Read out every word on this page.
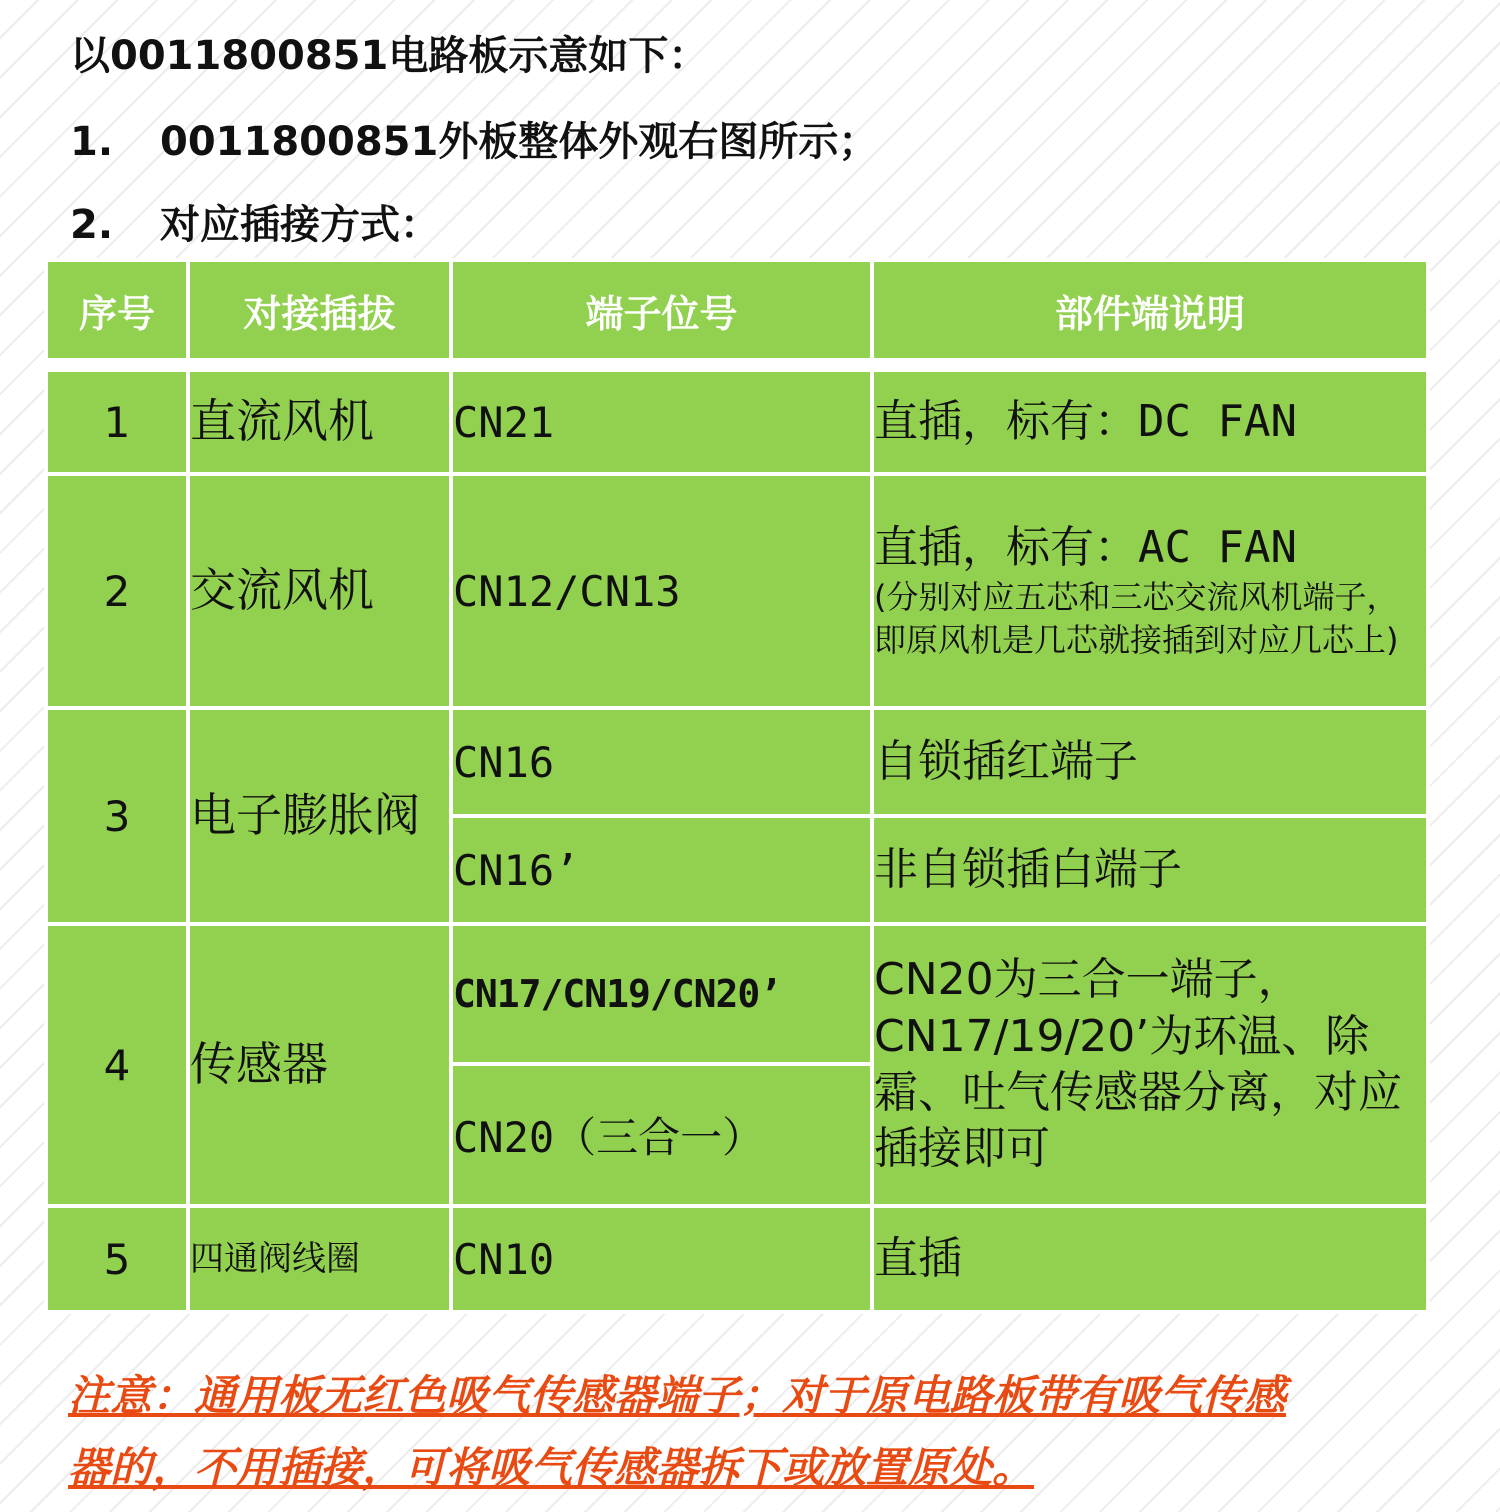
以0011800851电路板示意如下：
1. 0011800851外板整体外观右图所示；
2. 对应插接方式：
序号	对接插拔	端子位号	部件端说明

1	直流风机	CN21	直插，标有：DC FAN
2	交流风机	CN12/CN13	直插，标有：AC FAN
(分别对应五芯和三芯交流风机端子，即原风机是几芯就接插到对应几芯上)

3	电子膨胀阀	CN16	自锁插红端子
		CN16’	非自锁插白端子
4	传感器	CN17/CN19/CN20’	CN20为三合一端子，CN17/19/20’为环温、除霜、吐气传感器分离，对应插接即可
		CN20（三合一）	
5	四通阀线圈	CN10	直插
注意：通用板无红色吸气传感器端子；对于原电路板带有吸气传感器的，不用插接，可将吸气传感器拆下或放置原处。
